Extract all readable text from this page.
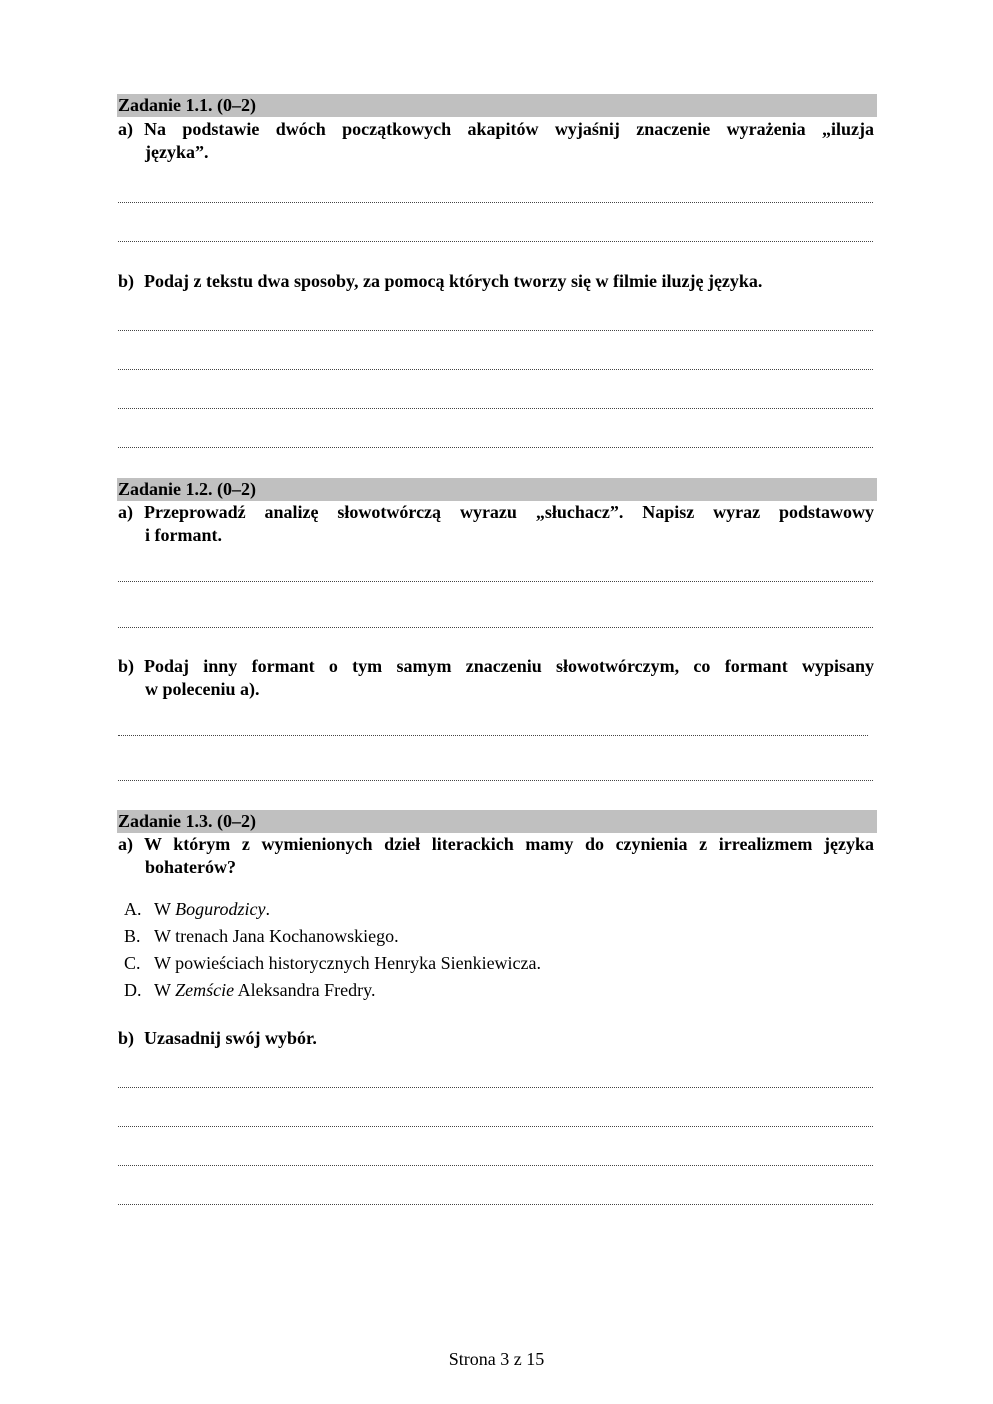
Zadanie 1.1. (0–2)
a) Na podstawie dwóch początkowych akapitów wyjaśnij znaczenie wyrażenia „iluzja
języka”.
b) Podaj z tekstu dwa sposoby, za pomocą których tworzy się w filmie iluzję języka.
Zadanie 1.2. (0–2)
a) Przeprowadź analizę słowotwórczą wyrazu „słuchacz”. Napisz wyraz podstawowy
i formant.
b) Podaj inny formant o tym samym znaczeniu słowotwórczym, co formant wypisany
w poleceniu a).
Zadanie 1.3. (0–2)
a) W którym z wymienionych dzieł literackich mamy do czynienia z irrealizmem języka
bohaterów?
A. W Bogurodzicy.
B. W trenach Jana Kochanowskiego.
C. W powieściach historycznych Henryka Sienkiewicza.
D. W Zemście Aleksandra Fredry.
b) Uzasadnij swój wybór.
Strona 3 z 15
